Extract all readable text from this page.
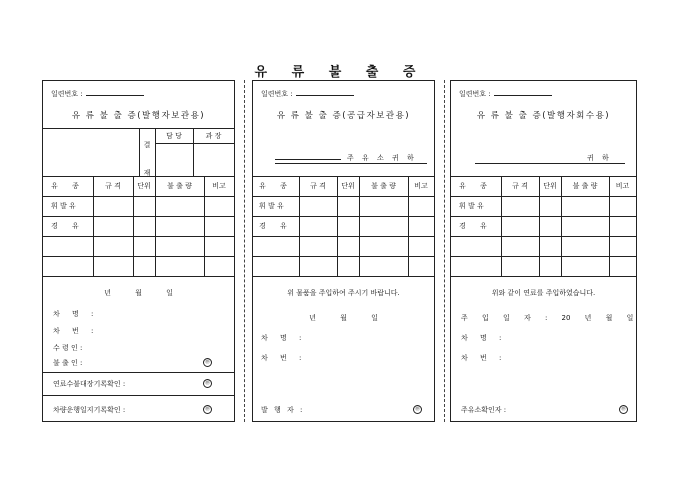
유 류 불 출 증
일련번호 :
유 류 불 출 증(발행자보관용)
결 재
담 당	과 장
유 종	규 격	단위	불 출 량	비고
휘 발 유
경 유
년 월 일
차 명 :
차 번 :
수 령 인 :
불 출 인 :	㊞
연료수불대장기록확인 :	㊞
차량운행일지기록확인 :	㊞
일련번호 :
유 류 불 출 증(공급자보관용)
주 유 소 귀 하
유 종	규 격	단위	불 출 량	비고
휘 발 유
경 유
위 물품을 주입하여 주시기 바랍니다.
년 월 일
차 명 :
차 번 :
발 행 자 :	㊞
일련번호 :
유 류 불 출 증(발행자회수용)
귀 하
유 종	규 격	단위	불 출 량	비고
휘 발 유
경 유
위와 같이 연료를 주입하였습니다.
주 입 일 자 : 20 년 월 일
차 명 :
차 번 :
주유소확인자 :	㊞
